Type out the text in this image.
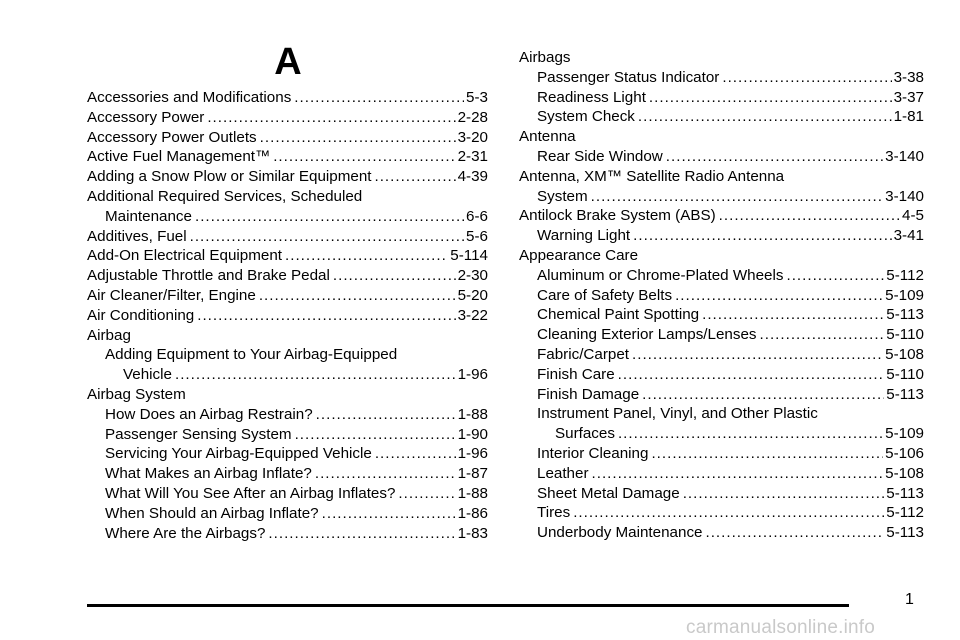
A
Accessories and Modifications .....	5-3
Accessory Power .....	2-28
Accessory Power Outlets .....	3-20
Active Fuel Management™ .....	2-31
Adding a Snow Plow or Similar Equipment .....	4-39
Additional Required Services, Scheduled
Maintenance .....	6-6
Additives, Fuel .....	5-6
Add-On Electrical Equipment .....	5-114
Adjustable Throttle and Brake Pedal .....	2-30
Air Cleaner/Filter, Engine .....	5-20
Air Conditioning .....	3-22
Airbag
Adding Equipment to Your Airbag-Equipped
Vehicle .....	1-96
Airbag System
How Does an Airbag Restrain? .....	1-88
Passenger Sensing System .....	1-90
Servicing Your Airbag-Equipped Vehicle .....	1-96
What Makes an Airbag Inflate? .....	1-87
What Will You See After an Airbag Inflates? .....	1-88
When Should an Airbag Inflate? .....	1-86
Where Are the Airbags? .....	1-83
Airbags
Passenger Status Indicator .....	3-38
Readiness Light .....	3-37
System Check .....	1-81
Antenna
Rear Side Window .....	3-140
Antenna, XM™ Satellite Radio Antenna
System .....	3-140
Antilock Brake System (ABS) .....	4-5
Warning Light .....	3-41
Appearance Care
Aluminum or Chrome-Plated Wheels .....	5-112
Care of Safety Belts .....	5-109
Chemical Paint Spotting .....	5-113
Cleaning Exterior Lamps/Lenses .....	5-110
Fabric/Carpet .....	5-108
Finish Care .....	5-110
Finish Damage .....	5-113
Instrument Panel, Vinyl, and Other Plastic
Surfaces .....	5-109
Interior Cleaning .....	5-106
Leather .....	5-108
Sheet Metal Damage .....	5-113
Tires .....	5-112
Underbody Maintenance .....	5-113
1
carmanualsonline.info
